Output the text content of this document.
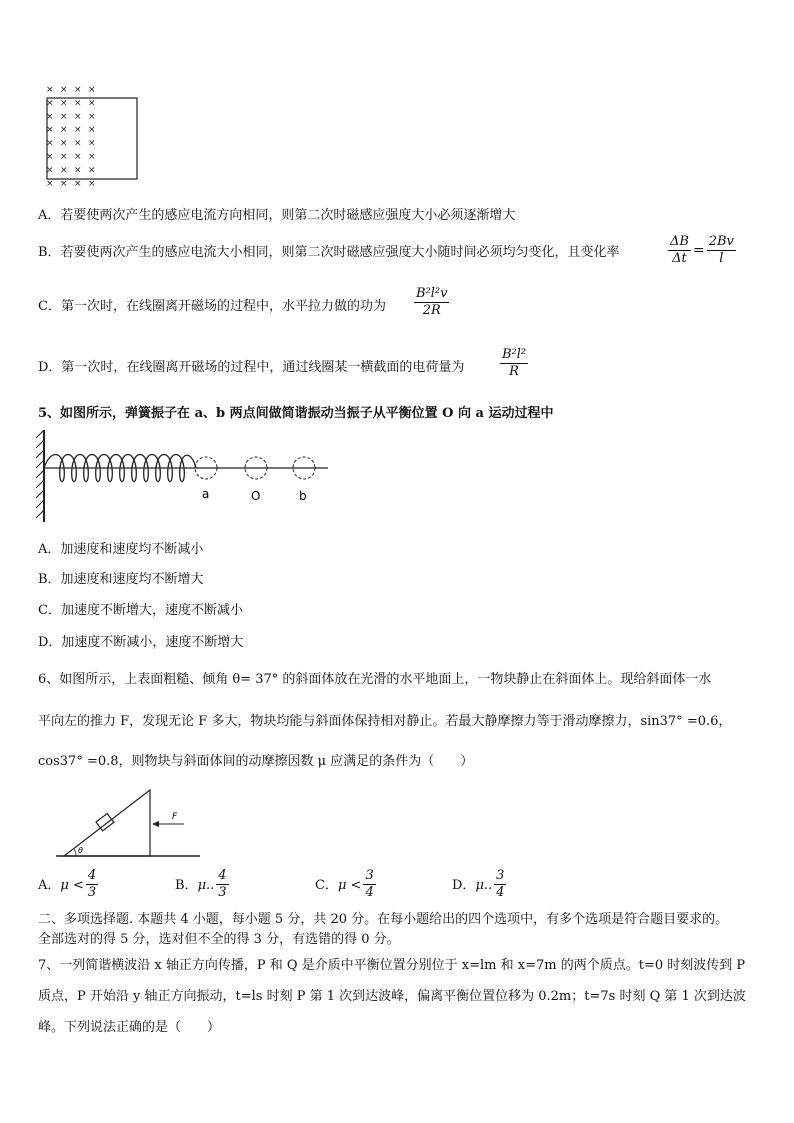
× × × ×
× × × ×
× × × ×
× × × ×
× × × ×
× × × ×
× × × ×
× × × ×
A．若要使两次产生的感应电流方向相同，则第二次时磁感应强度大小必须逐渐增大
B．若要使两次产生的感应电流大小相同，则第二次时磁感应强度大小随时间必须均匀变化，且变化率	$\frac{\Delta B}{\Delta t} = \frac{2Bv}{l}$
C．第一次时，在线圈离开磁场的过程中，水平拉力做的功为 $\frac{\text{B²l²v}}{2R}$
D．第一次时，在线圈离开磁场的过程中，通过线圈某一横截面的电荷量为	$\frac{\text{B²l²}}{R}$
5、如图所示，弹簧振子在 a、b 两点间做简谐振动当振子从平衡位置 O 向 a 运动过程中
a	O	b
A．加速度和速度均不断减小
B．加速度和速度均不断增大
C．加速度不断增大，速度不断减小
D．加速度不断减小，速度不断增大
6、如图所示，上表面粗糙、倾角 θ= 37° 的斜面体放在光滑的水平地面上，一物块静止在斜面体上。现给斜面体一水
平向左的推力 F，发现无论 F 多大，物块均能与斜面体保持相对静止。若最大静摩擦力等于滑动摩擦力，sin37° =0.6，
cos37° =0.8，则物块与斜面体间的动摩擦因数 μ 应满足的条件为（　　）
F
θ
A．$\mu < \frac{4}{3}$	B．μ.. $\frac{4}{3}$	C．$\mu < \frac{3}{4}$	D．μ.. $\frac{3}{4}$
二、多项选择题. 本题共 4 小题，每小题 5 分，共 20 分。在每小题给出的四个选项中，有多个选项是符合题目要求的。
全部选对的得 5 分，选对但不全的得 3 分，有选错的得 0 分。
7、一列简谐横波沿 x 轴正方向传播，P 和 Q 是介质中平衡位置分别位于 x=lm 和 x=7m 的两个质点。t=0 时刻波传到 P
质点，P 开始沿 y 轴正方向振动，t=ls 时刻 P 第 1 次到达波峰，偏离平衡位置位移为 0.2m；t=7s 时刻 Q 第 1 次到达波
峰。下列说法正确的是（　　）
